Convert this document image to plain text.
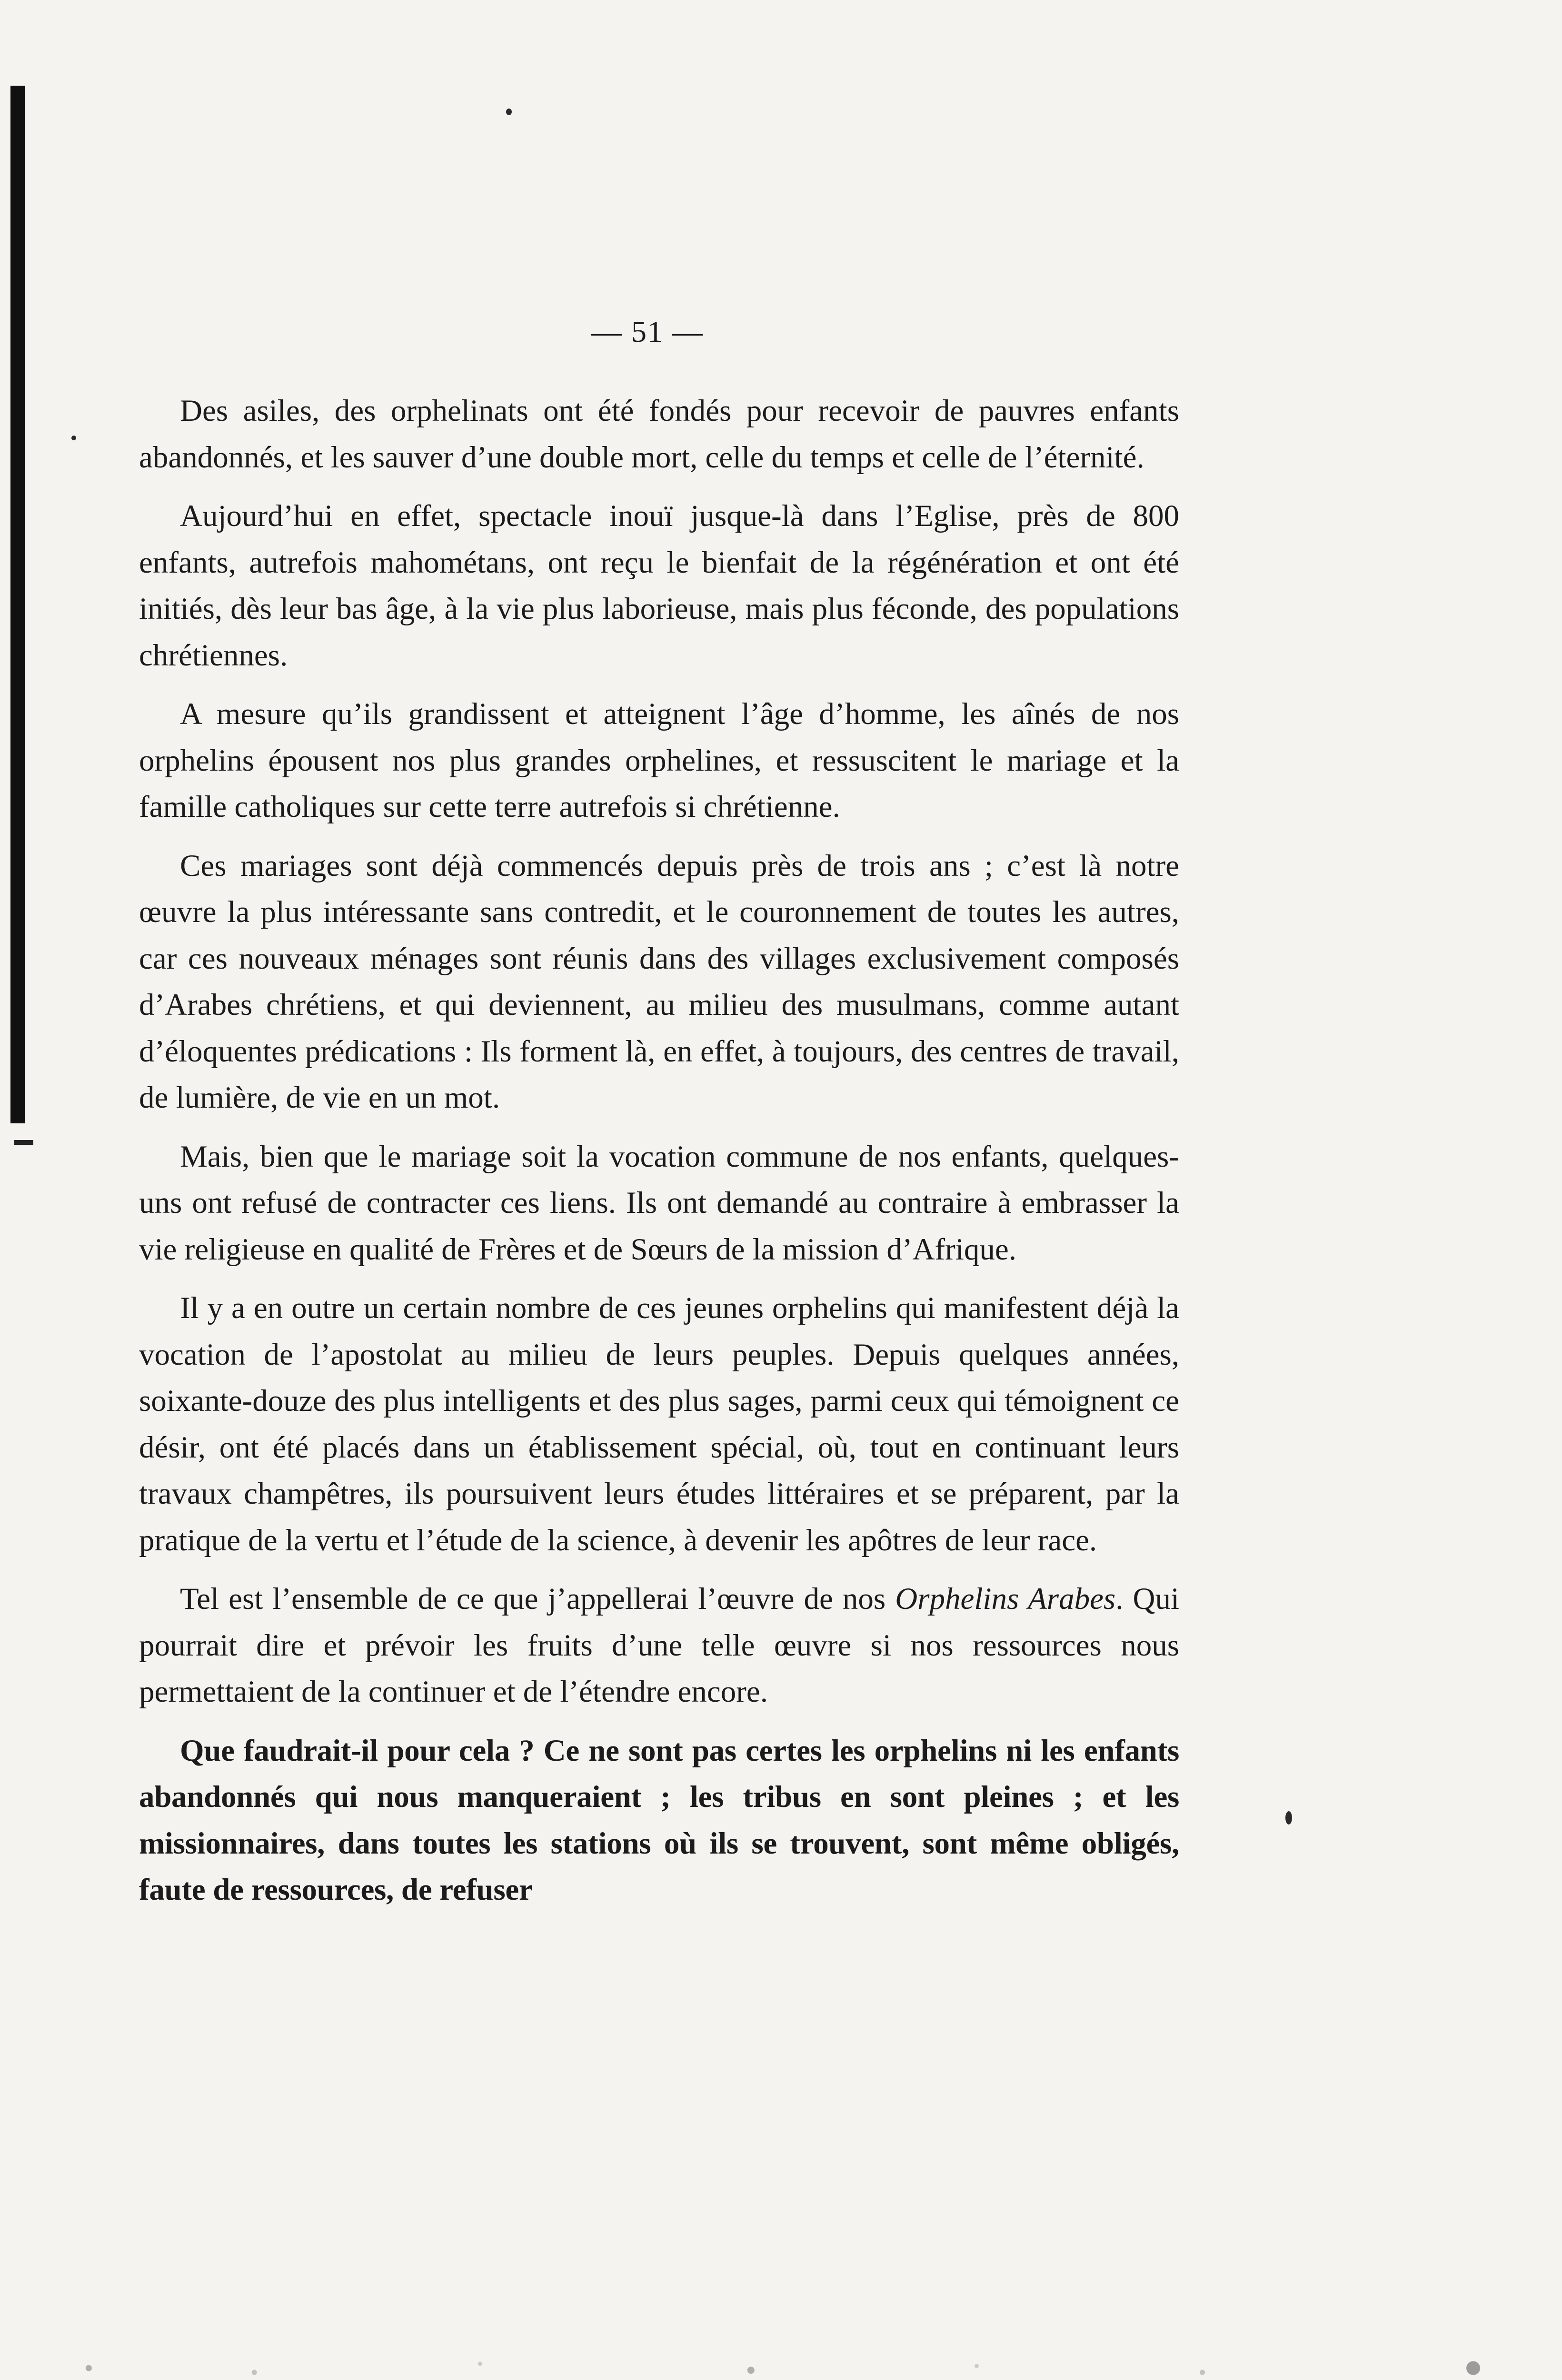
— 51 —

Des asiles, des orphelinats ont été fondés pour recevoir de pauvres enfants abandonnés, et les sauver d’une double mort, celle du temps et celle de l’éternité.

Aujourd’hui en effet, spectacle inouï jusque-là dans l’Eglise, près de 800 enfants, autrefois mahométans, ont reçu le bienfait de la régénération et ont été initiés, dès leur bas âge, à la vie plus laborieuse, mais plus féconde, des populations chrétiennes.

A mesure qu’ils grandissent et atteignent l’âge d’homme, les aînés de nos orphelins épousent nos plus grandes orphelines, et ressuscitent le mariage et la famille catholiques sur cette terre autrefois si chrétienne.

Ces mariages sont déjà commencés depuis près de trois ans ; c’est là notre œuvre la plus intéressante sans contredit, et le couronnement de toutes les autres, car ces nouveaux ménages sont réunis dans des villages exclusivement composés d’Arabes chrétiens, et qui deviennent, au milieu des musulmans, comme autant d’éloquentes prédications : Ils forment là, en effet, à toujours, des centres de travail, de lumière, de vie en un mot.

Mais, bien que le mariage soit la vocation commune de nos enfants, quelques-uns ont refusé de contracter ces liens. Ils ont demandé au contraire à embrasser la vie religieuse en qualité de Frères et de Sœurs de la mission d’Afrique.

Il y a en outre un certain nombre de ces jeunes orphelins qui manifestent déjà la vocation de l’apostolat au milieu de leurs peuples. Depuis quelques années, soixante-douze des plus intelligents et des plus sages, parmi ceux qui témoignent ce désir, ont été placés dans un établissement spécial, où, tout en continuant leurs travaux champêtres, ils poursuivent leurs études littéraires et se préparent, par la pratique de la vertu et l’étude de la science, à devenir les apôtres de leur race.

Tel est l’ensemble de ce que j’appellerai l’œuvre de nos Orphelins Arabes. Qui pourrait dire et prévoir les fruits d’une telle œuvre si nos ressources nous permettaient de la continuer et de l’étendre encore.

Que faudrait-il pour cela ? Ce ne sont pas certes les orphelins ni les enfants abandonnés qui nous manqueraient ; les tribus en sont pleines ; et les missionnaires, dans toutes les stations où ils se trouvent, sont même obligés, faute de ressources, de refuser
